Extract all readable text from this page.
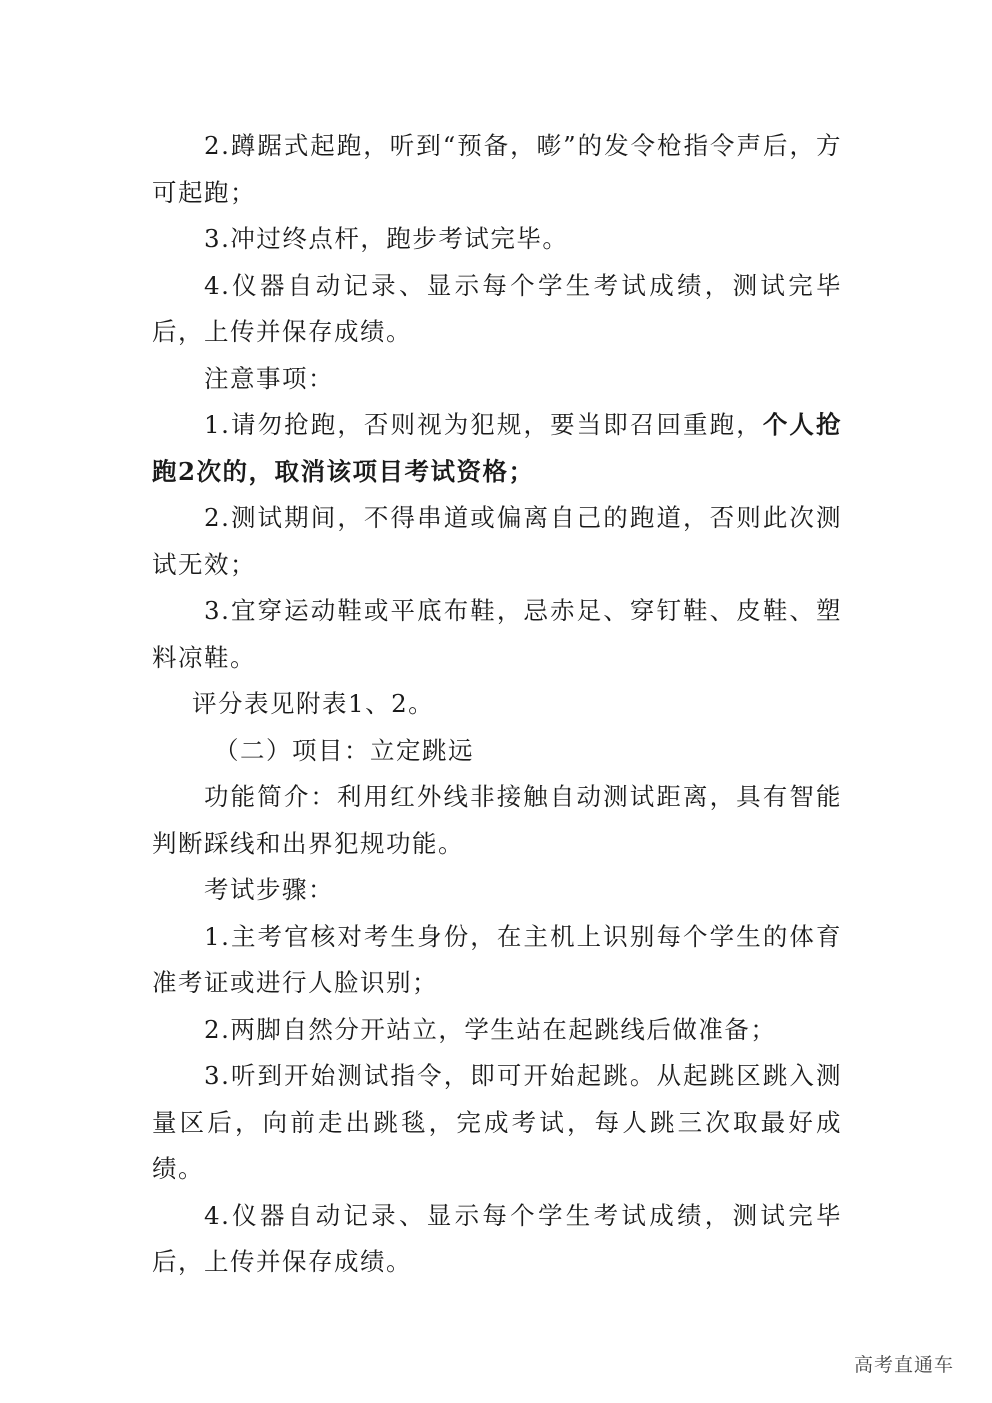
2.蹲踞式起跑，听到“预备，嘭”的发令枪指令声后，方可起跑；

3.冲过终点杆，跑步考试完毕。

4.仪器自动记录、显示每个学生考试成绩，测试完毕后，上传并保存成绩。

注意事项：

1.请勿抢跑，否则视为犯规，要当即召回重跑，个人抢跑2次的，取消该项目考试资格；

2.测试期间，不得串道或偏离自己的跑道，否则此次测试无效；

3.宜穿运动鞋或平底布鞋，忌赤足、穿钉鞋、皮鞋、塑料凉鞋。

评分表见附表1、2。

（二）项目：立定跳远

功能简介：利用红外线非接触自动测试距离，具有智能判断踩线和出界犯规功能。

考试步骤：

1.主考官核对考生身份，在主机上识别每个学生的体育准考证或进行人脸识别；

2.两脚自然分开站立，学生站在起跳线后做准备；

3.听到开始测试指令，即可开始起跳。从起跳区跳入测量区后，向前走出跳毯，完成考试，每人跳三次取最好成绩。

4.仪器自动记录、显示每个学生考试成绩，测试完毕后，上传并保存成绩。

高考直通车
